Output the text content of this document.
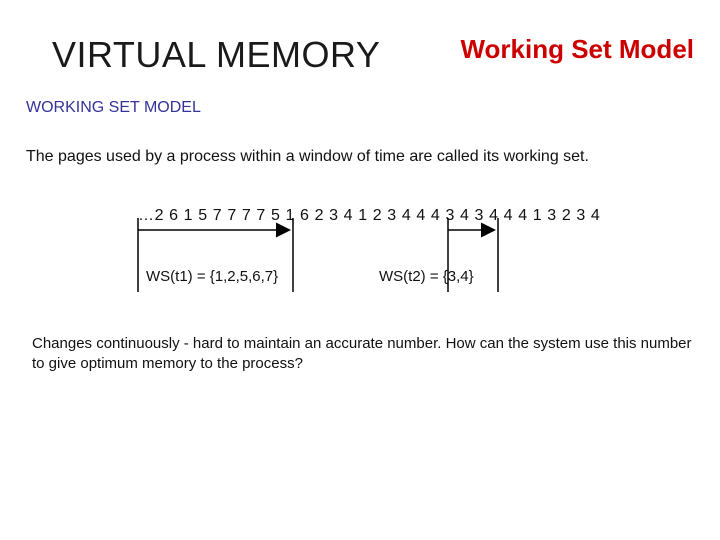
VIRTUAL MEMORY	Working Set Model
WORKING SET MODEL
The pages used by a process within a window of time are called its working set.
…2 6 1 5 7 7 7 7 5 1 6 2 3 4 1 2 3 4 4 4 3 4 3 4 4 4 1 3 2 3 4
WS(t1) = {1,2,5,6,7}	WS(t2) = {3,4}
Changes continuously - hard to maintain an accurate number. How can the system use this number to give optimum memory to the process?
